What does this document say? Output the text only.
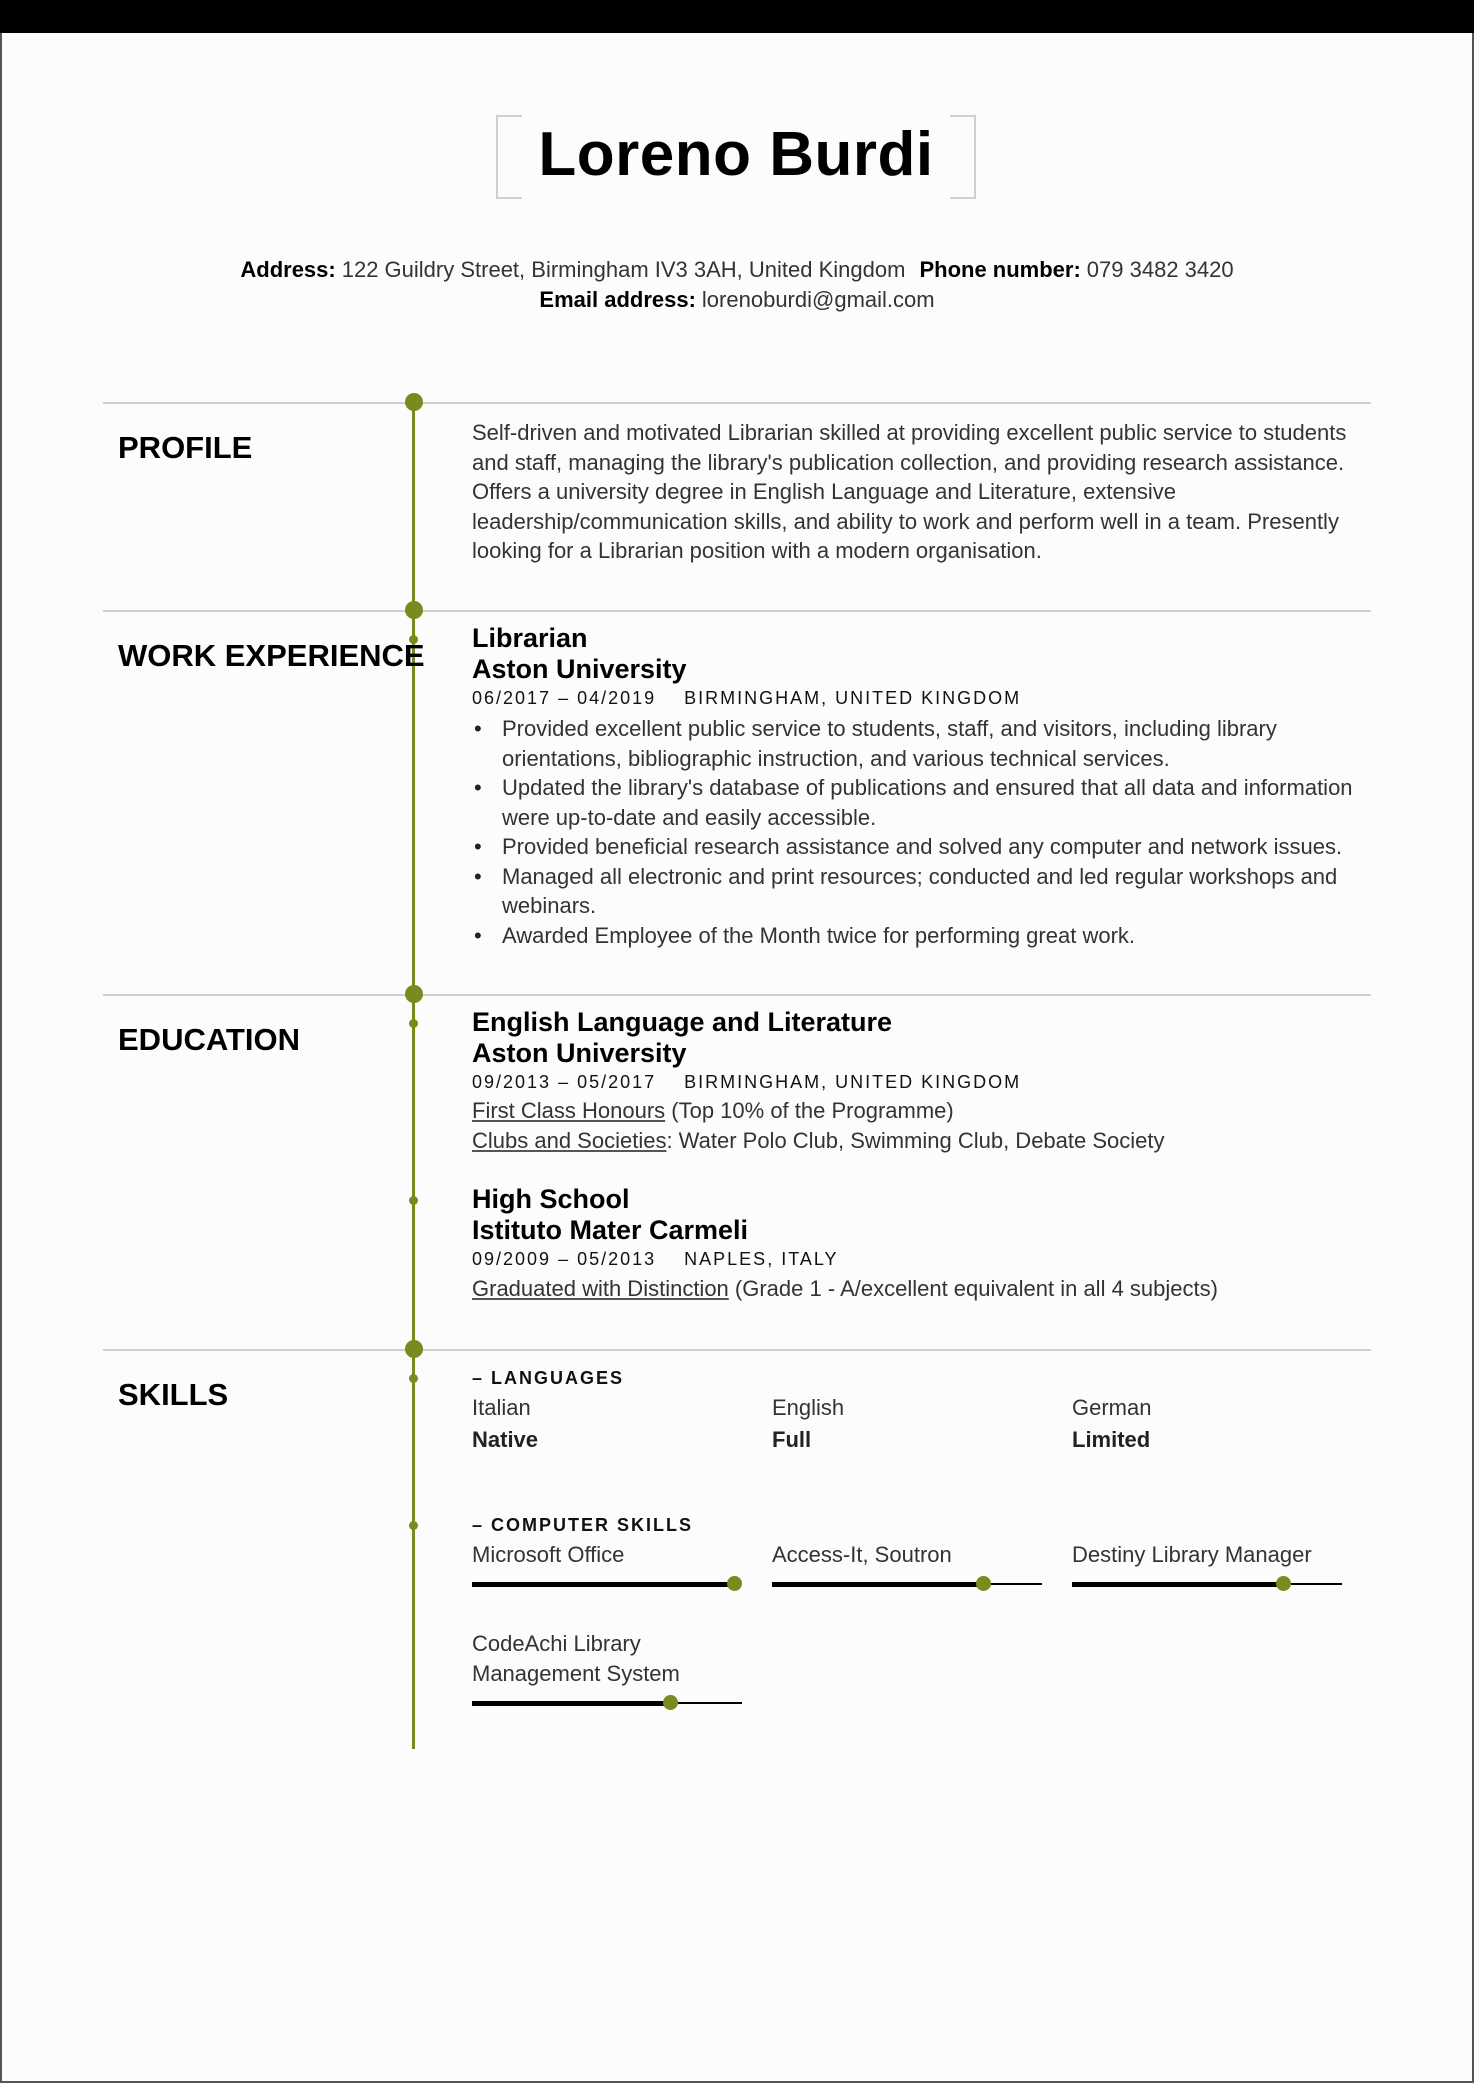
Loreno Burdi
Address: 122 Guildry Street, Birmingham IV3 3AH, United Kingdom Phone number: 079 3482 3420
Email address: lorenoburdi@gmail.com
PROFILE	Self-driven and motivated Librarian skilled at providing excellent public service to students and staff, managing the library's publication collection, and providing research assistance. Offers a university degree in English Language and Literature, extensive leadership/communication skills, and ability to work and perform well in a team. Presently looking for a Librarian position with a modern organisation.
WORK EXPERIENCE Librarian
Aston University
06/2017 – 04/2019 BIRMINGHAM, UNITED KINGDOM
• Provided excellent public service to students, staff, and visitors, including library orientations, bibliographic instruction, and various technical services.
• Updated the library's database of publications and ensured that all data and information were up-to-date and easily accessible.
• Provided beneficial research assistance and solved any computer and network issues.
• Managed all electronic and print resources; conducted and led regular workshops and webinars.
• Awarded Employee of the Month twice for performing great work.
EDUCATION	English Language and Literature
Aston University
09/2013 – 05/2017 BIRMINGHAM, UNITED KINGDOM
First Class Honours (Top 10% of the Programme)
Clubs and Societies: Water Polo Club, Swimming Club, Debate Society
High School
Istituto Mater Carmeli
09/2009 – 05/2013 NAPLES, ITALY
Graduated with Distinction (Grade 1 - A/excellent equivalent in all 4 subjects)
SKILLS	– LANGUAGES
Italian
Native
English
Full
German
Limited
– COMPUTER SKILLS
Microsoft Office	Access-It, Soutron	Destiny Library Manager
CodeAchi Library Management System
